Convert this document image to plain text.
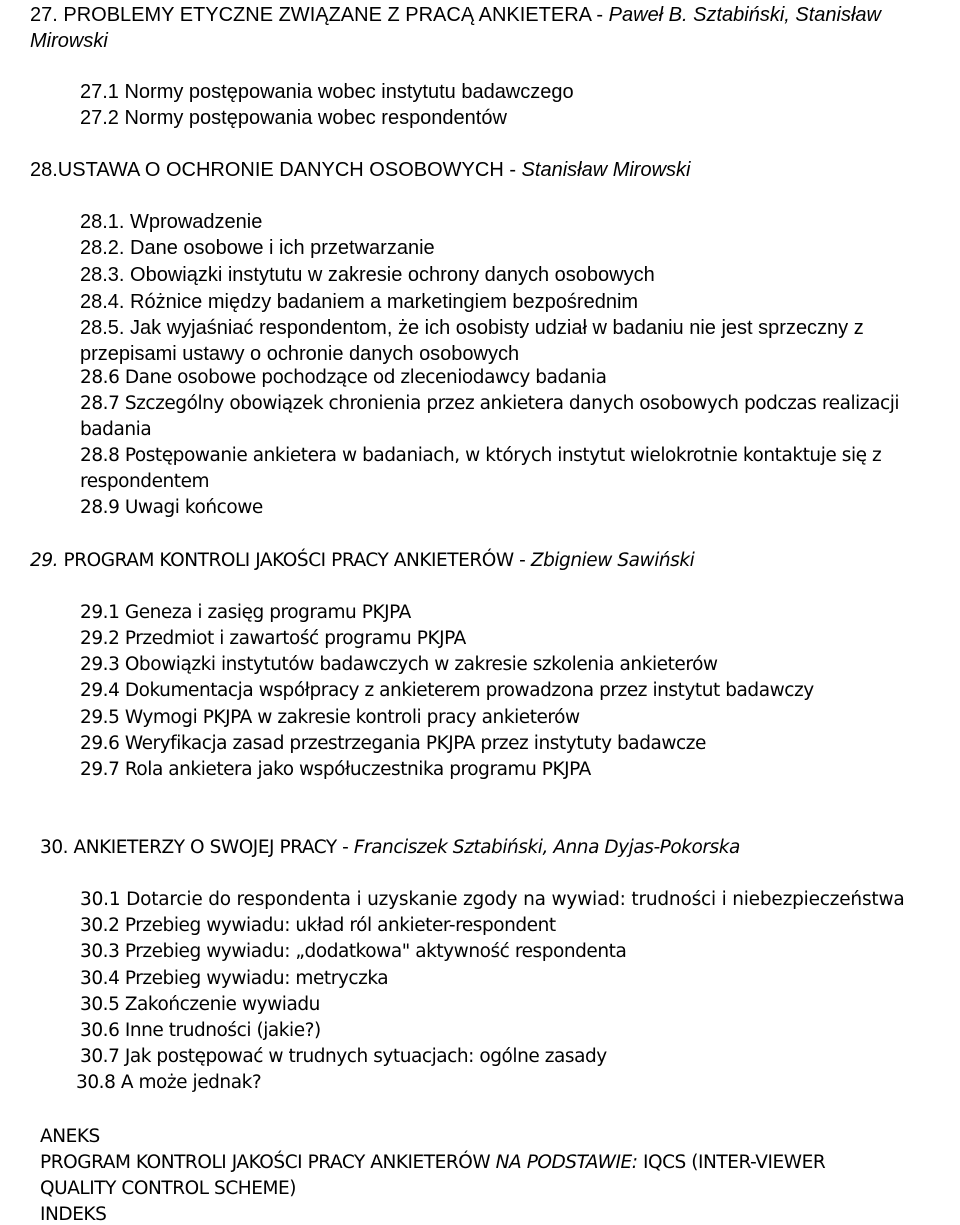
27. PROBLEMY ETYCZNE ZWIĄZANE Z PRACĄ ANKIETERA - Paweł B. Sztabiński, Stanisław
Mirowski
27.1 Normy postępowania wobec instytutu badawczego
27.2 Normy postępowania wobec respondentów
28.USTAWA O OCHRONIE DANYCH OSOBOWYCH - Stanisław Mirowski
28.1. Wprowadzenie
28.2. Dane osobowe i ich przetwarzanie
28.3. Obowiązki instytutu w zakresie ochrony danych osobowych
28.4. Różnice między badaniem a marketingiem bezpośrednim
28.5. Jak wyjaśniać respondentom, że ich osobisty udział w badaniu nie jest sprzeczny z
przepisami ustawy o ochronie danych osobowych
28.6 Dane osobowe pochodzące od zleceniodawcy badania
28.7 Szczególny obowiązek chronienia przez ankietera danych osobowych podczas realizacji
badania
28.8 Postępowanie ankietera w badaniach, w których instytut wielokrotnie kontaktuje się z
respondentem
28.9 Uwagi końcowe
29. PROGRAM KONTROLI JAKOŚCI PRACY ANKIETERÓW - Zbigniew Sawiński
29.1 Geneza i zasięg programu PKJPA
29.2 Przedmiot i zawartość programu PKJPA
29.3 Obowiązki instytutów badawczych w zakresie szkolenia ankieterów
29.4 Dokumentacja współpracy z ankieterem prowadzona przez instytut badawczy
29.5 Wymogi PKJPA w zakresie kontroli pracy ankieterów
29.6 Weryfikacja zasad przestrzegania PKJPA przez instytuty badawcze
29.7 Rola ankietera jako współuczestnika programu PKJPA
30. ANKIETERZY O SWOJEJ PRACY - Franciszek Sztabiński, Anna Dyjas-Pokorska
30.1 Dotarcie do respondenta i uzyskanie zgody na wywiad: trudności i niebezpieczeństwa
30.2 Przebieg wywiadu: układ ról ankieter-respondent
30.3 Przebieg wywiadu: „dodatkowa" aktywność respondenta
30.4 Przebieg wywiadu: metryczka
30.5 Zakończenie wywiadu
30.6 Inne trudności (jakie?)
30.7 Jak postępować w trudnych sytuacjach: ogólne zasady
30.8 A może jednak?
ANEKS
PROGRAM KONTROLI JAKOŚCI PRACY ANKIETERÓW NA PODSTAWIE: IQCS (INTER-VIEWER
QUALITY CONTROL SCHEME)
INDEKS
